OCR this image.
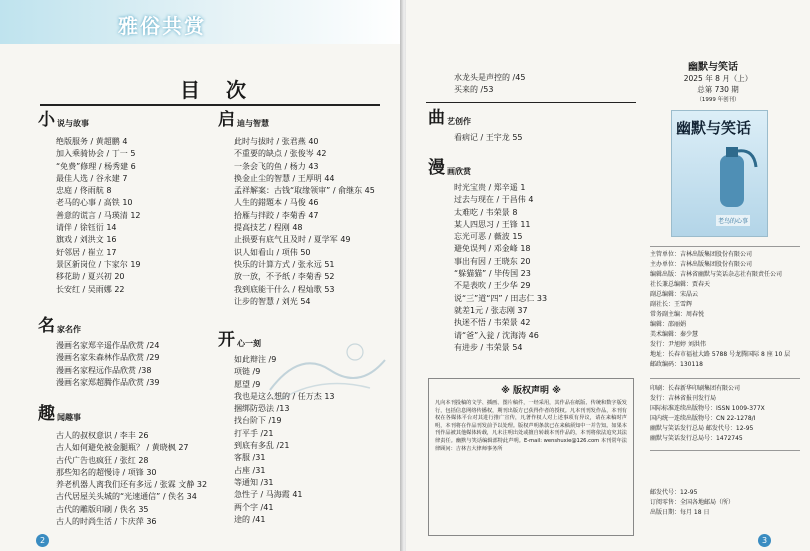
雅俗共赏
目次
小 说与故事
绝版服务 / 黄超鹏 4
加入乘骑协会 / 丁一 5
“免费”修理 / 杨秀建 6
最佳人选 / 谷永建 7
忠庭 / 佟雨航 8
老马的心事 / 高铁 10
善意的谎言 / 马瑛清 12
请伴 / 徐钰衍 14
旗戏 / 刘洪文 16
好邻居 / 崔立 17
景区新岗位 / 卞家尔 19
移花助 / 夏兴初 20
长安红 / 吴雨娜 22
名 家名作
漫画名家郑辛遥作品欣赏 /24
漫画名家朱森林作品欣赏 /29
漫画名家程远作品欣赏 /38
漫画名家郑超腾作品欣赏 /39
趣 闻趣事
古人的叔权意识 / 李丰 26
古人如何避免被金腿瓶？ / 黄晓枫 27
古代广告也疯狂 / 张红 28
那些知名的超慢诗 / 项锋 30
养老机器人离我们还有多远 / 张霖 文静 32
古代居屋关头城的“光速通信” / 佚名 34
古代的雕版印刷 / 佚名 35
古人的时尚生活 / 卞庆萍 36
启 迪与智慧
此时与拔时 / 张君燕 40
不重要的缺点 / 张俊岑 42
一条会飞的鱼 / 杨力 43
换金止尘的智慧 / 王厚明 44
孟祥解案：古钱“取缘领审” / 俞继东 45
人生的錯題本 / 马俊 46
拾雁与拌跤 / 李菊香 47
提高技艺 / 程刚 48
止损要有底气且及时 / 夏学军 49
识人如看山 / 项伟 50
快乐的计算方式 / 张永远 51
放一放，不予纸 / 李菊香 52
我到底能干什么 / 程灿歌 53
让步的智慧 / 刘光 54
开 心一刻
如此辩注 /9
项链 /9
愿望 /9
我也是这么想的 / 任万杰 13
捆绑防恐法 /13
找台阶下 /19
打平手 /21
到底有多乱 /21
客服 /31
占座 /31
等通知 /31
急性子 / 马海霞 41
两个字 /41
途的 /41
2
水龙头是声控的 /45
买来的 /53
曲 艺创作
看病记 / 王宇龙 55
漫 画欣赏
时光宝贵 / 郑辛遥 1
过去与现在 / 于昌伟 4
太难吃 / 韦荣景 8
某人四思习 / 王锋 11
忘光可恶 / 薇波 15
避免误判 / 邓金峰 18
事出有因 / 王晓东 20
“躲猫猫” / 毕传国 23
不是表吹 / 王少华 29
说“三”道“四” / 田志仁 33
就差1元 / 张志刚 37
执迷不悟 / 韦荣景 42
请“爸”入瓮 / 沈海涛 46
有进步 / 韦荣景 54
※ 版权声明 ※
凡向本刊投稿的文学、插画、图片稿件，一经采用，其作品在纸版、传统和数字版发行，包括信息网络传播权，期刊出版方已获得作者的授权。凡本刊刊发作品，本刊有权在各媒体平台对其进行推广宣传，凡著作权人对上述事项有异议，请在来稿时声明，本刊将在作品刊发前予以处理。版权声明条款已在来稿须知中一并告知。如果本刊作品被其他媒体转载，凡未注明出处或擅自转载本刊作品的，本刊将依法追究其法律责任。幽默与笑话编辑部特此声明。E-mail: wenshuxie@126.com 本刊常年法律顾问：吉林吉大律师事务所
幽默与笑话
2025 年 8 月（上）
总第 730 期
（1999 年创刊）
幽默与笑话
老鸟的心事
主管单位：吉林出版集团股份有限公司
主办单位：吉林出版集团股份有限公司
编辑出版：吉林省幽默与笑话杂志社有限责任公司
社长兼总编辑：贾春天
副总编辑：宋晶云
副社长：王雪辉
常务副主编：周春悦
编辑：邵丽娟
美术编辑：秦少慧
发行：尹旭婷 刘洪伟
地址：长春市福祉大路 5788 号龙腾国际 8 座 10 层
邮政编码：130118
印刷：长春新华印刷集团有限公司
发行：吉林省报刊发行局
国际标准连续出版物号：ISSN 1009-377X
国内统一连续出版物号：CN 22-1278/I
幽默与笑话发行总局 邮发代号：12-95
幽默与笑话发行总局号：1472745
邮发代号：12-95
订阅零售：全国各地邮局（所）
出版日期：每月 18 日
3
